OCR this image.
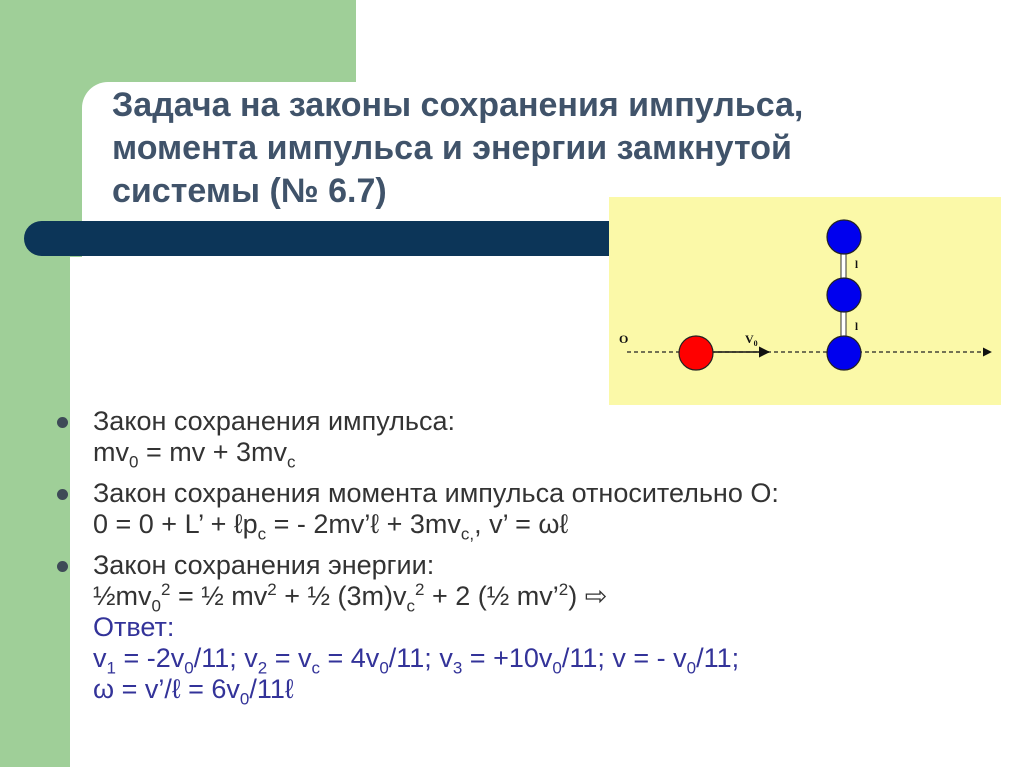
Задача на законы сохранения импульса,
момента импульса и энергии замкнутой
системы (№ 6.7)
O	$V_0$
l
l
Закон сохранения импульса:
$mv_0$ = mv + $3mv_c$
Закон сохранения момента импульса относительно O:
0 = 0 + L’ + ℓp$_c$ = - 2mv’ℓ + $3mv_{c,}$, v’ = ωℓ
Закон сохранения энергии:
$\frac{1}{2}mv_0^2$ = ½ $mv^2$ + ½ $(3m)v_c^2 + 2$ (½ mv’$^2$) ⇨
Ответ:
$v_1 = -2v_0/11$; $v_2 = v_c = 4v_0/11$; $v_3 = +10v_0/11$; v = - $v_0/11$;
ω = v’/ℓ = $6v_0/11\ell$
